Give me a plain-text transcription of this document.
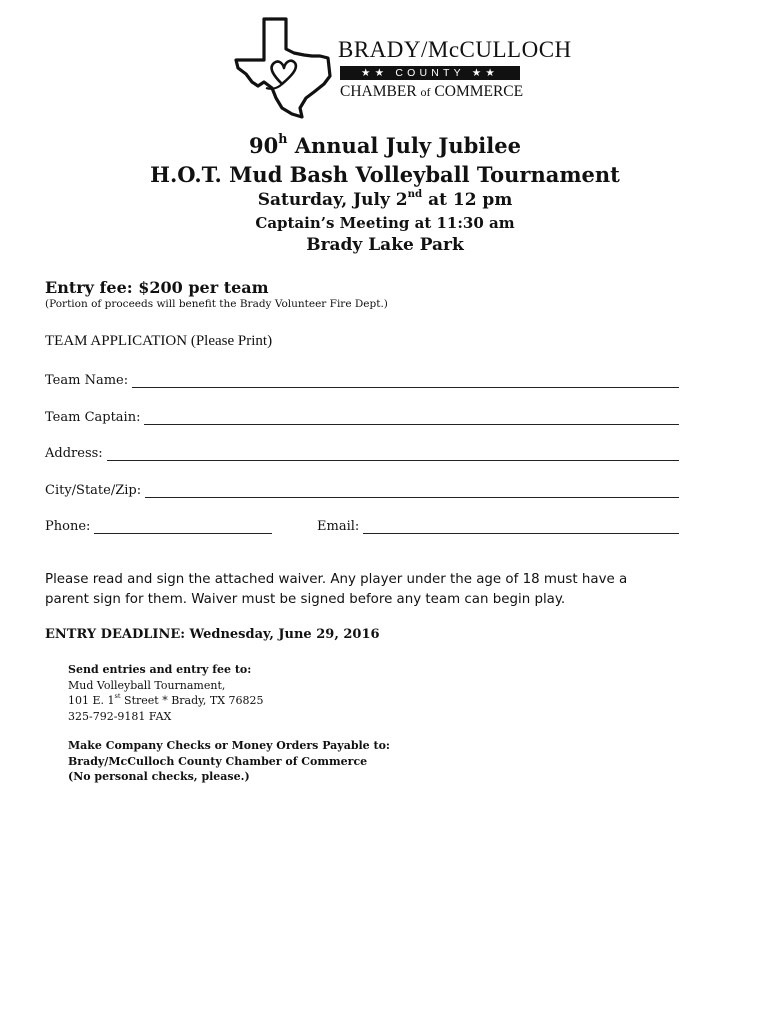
BRADY/McCULLOCH
★★ COUNTY ★★
CHAMBER of COMMERCE
90$^h$ Annual July Jubilee
H.O.T. Mud Bash Volleyball Tournament
Saturday, July 2nd at 12 pm
Captain’s Meeting at 11:30 am
Brady Lake Park
Entry fee: $200 per team
(Portion of proceeds will benefit the Brady Volunteer Fire Dept.)
TEAM APPLICATION (Please Print)
Team Name:
Team Captain:
Address:
City/State/Zip:
Phone:	Email:
Please read and sign the attached waiver. Any player under the age of 18 must have a parent sign for them. Waiver must be signed before any team can begin play.
ENTRY DEADLINE: Wednesday, June 29, 2016
Send entries and entry fee to:
Mud Volleyball Tournament,
101 E. 1st Street * Brady, TX 76825
325-792-9181 FAX
Make Company Checks or Money Orders Payable to:
Brady/McCulloch County Chamber of Commerce
(No personal checks, please.)
